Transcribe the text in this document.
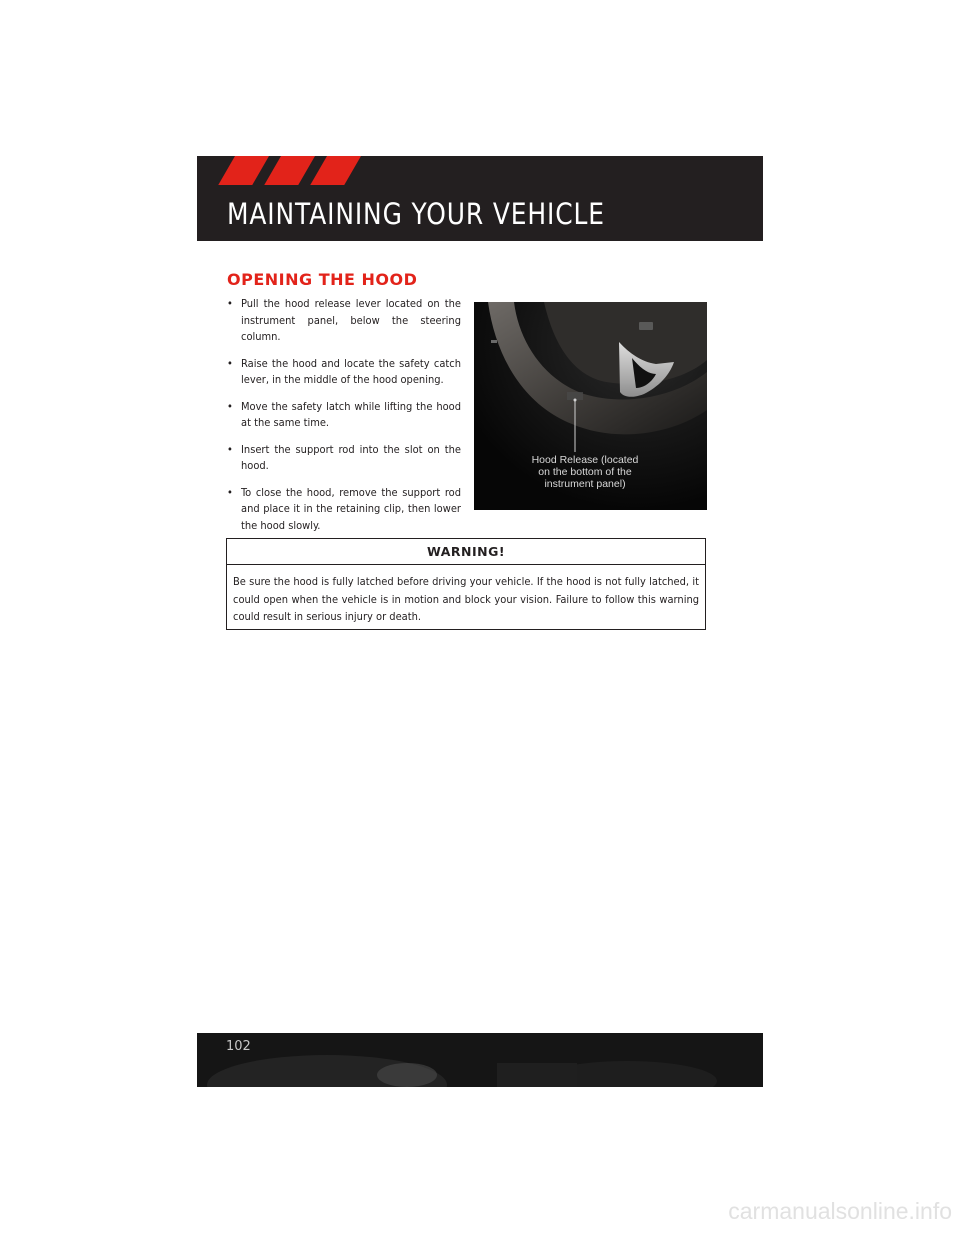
MAINTAINING YOUR VEHICLE
OPENING THE HOOD
• Pull the hood release lever located on the instrument panel, below the steering column.
• Raise the hood and locate the safety catch lever, in the middle of the hood opening.
• Move the safety latch while lifting the hood at the same time.
• Insert the support rod into the slot on the hood.
• To close the hood, remove the support rod and place it in the retaining clip, then lower the hood slowly.
Hood Release (located
on the bottom of the
instrument panel)
WARNING!
Be sure the hood is fully latched before driving your vehicle. If the hood is not fully latched, it could open when the vehicle is in motion and block your vision. Failure to follow this warning could result in serious injury or death.
102
carmanualsonline.info
